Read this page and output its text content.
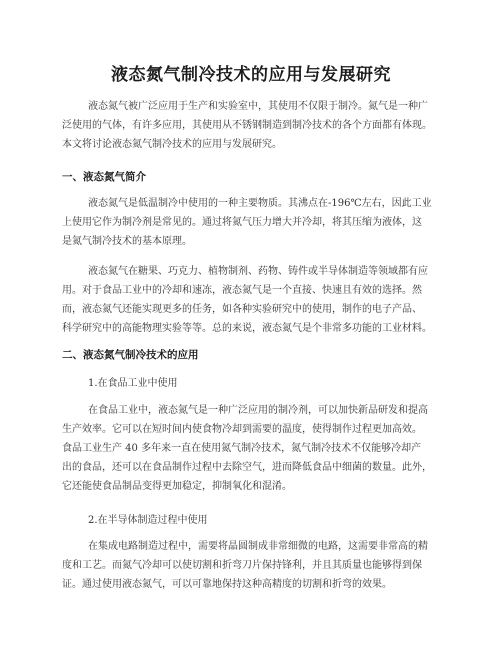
液态氮气制冷技术的应用与发展研究
液态氮气被广泛应用于生产和实验室中，其使用不仅限于制冷。氮气是一种广
泛使用的气体，有许多应用，其使用从不锈钢制造到制冷技术的各个方面都有体现。
本文将讨论液态氮气制冷技术的应用与发展研究。
一、液态氮气简介
液态氮气是低温制冷中使用的一种主要物质。其沸点在-196℃左右，因此工业
上使用它作为制冷剂是常见的。通过将氮气压力增大并冷却，将其压缩为液体，这
是氮气制冷技术的基本原理。
液态氮气在糖果、巧克力、植物制剂、药物、铸件或半导体制造等领域都有应
用。对于食品工业中的冷却和速冻，液态氮气是一个直接、快速且有效的选择。然
而，液态氮气还能实现更多的任务，如各种实验研究中的使用，制作的电子产品、
科学研究中的高能物理实验等等。总的来说，液态氮气是个非常多功能的工业材料。
二、液态氮气制冷技术的应用
1.在食品工业中使用
在食品工业中，液态氮气是一种广泛应用的制冷剂，可以加快新品研发和提高
生产效率。它可以在短时间内使食物冷却到需要的温度，使得制作过程更加高效。
食品工业生产 40 多年来一直在使用氮气制冷技术，氮气制冷技术不仅能够冷却产
出的食品，还可以在食品制作过程中去除空气，进而降低食品中细菌的数量。此外，
它还能使食品制品变得更加稳定，抑制氧化和混淆。
2.在半导体制造过程中使用
在集成电路制造过程中，需要将晶圆制成非常细微的电路，这需要非常高的精
度和工艺。而氮气冷却可以使切割和折弯刀片保持锋利，并且其质量也能够得到保
证。通过使用液态氮气，可以可靠地保持这种高精度的切割和折弯的效果。
